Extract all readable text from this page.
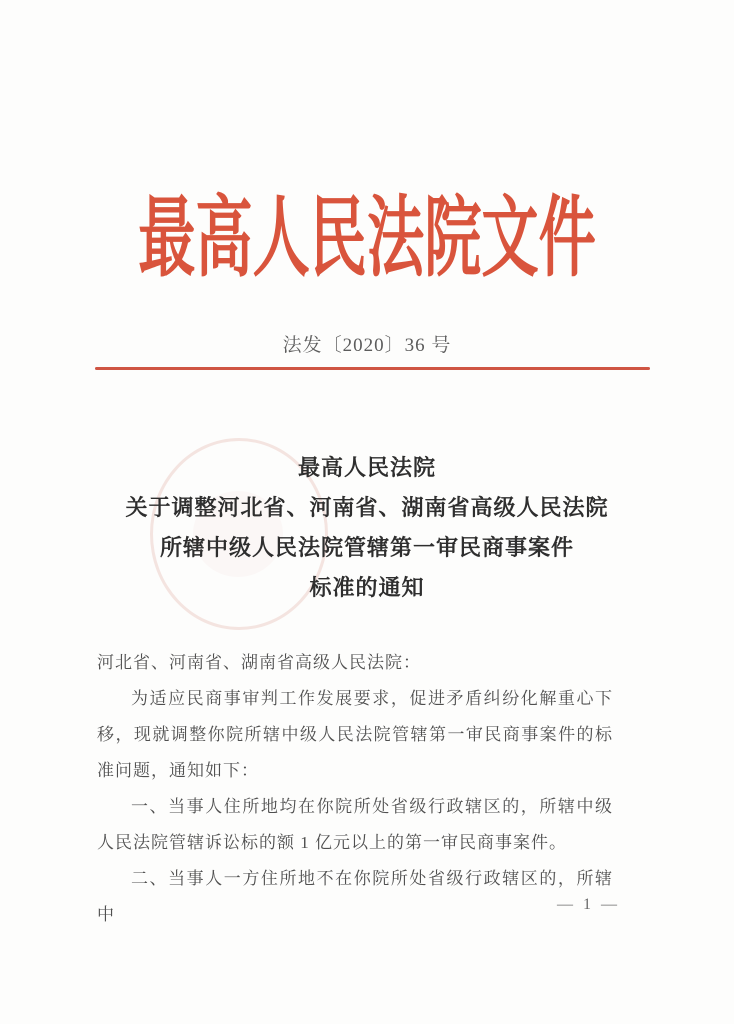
最高人民法院文件
法发〔2020〕36 号
最高人民法院
关于调整河北省、河南省、湖南省高级人民法院
所辖中级人民法院管辖第一审民商事案件
标准的通知

河北省、河南省、湖南省高级人民法院：

为适应民商事审判工作发展要求，促进矛盾纠纷化解重心下移，现就调整你院所辖中级人民法院管辖第一审民商事案件的标准问题，通知如下：

一、当事人住所地均在你院所处省级行政辖区的，所辖中级人民法院管辖诉讼标的额 1 亿元以上的第一审民商事案件。

二、当事人一方住所地不在你院所处省级行政辖区的，所辖中

— 1 —
